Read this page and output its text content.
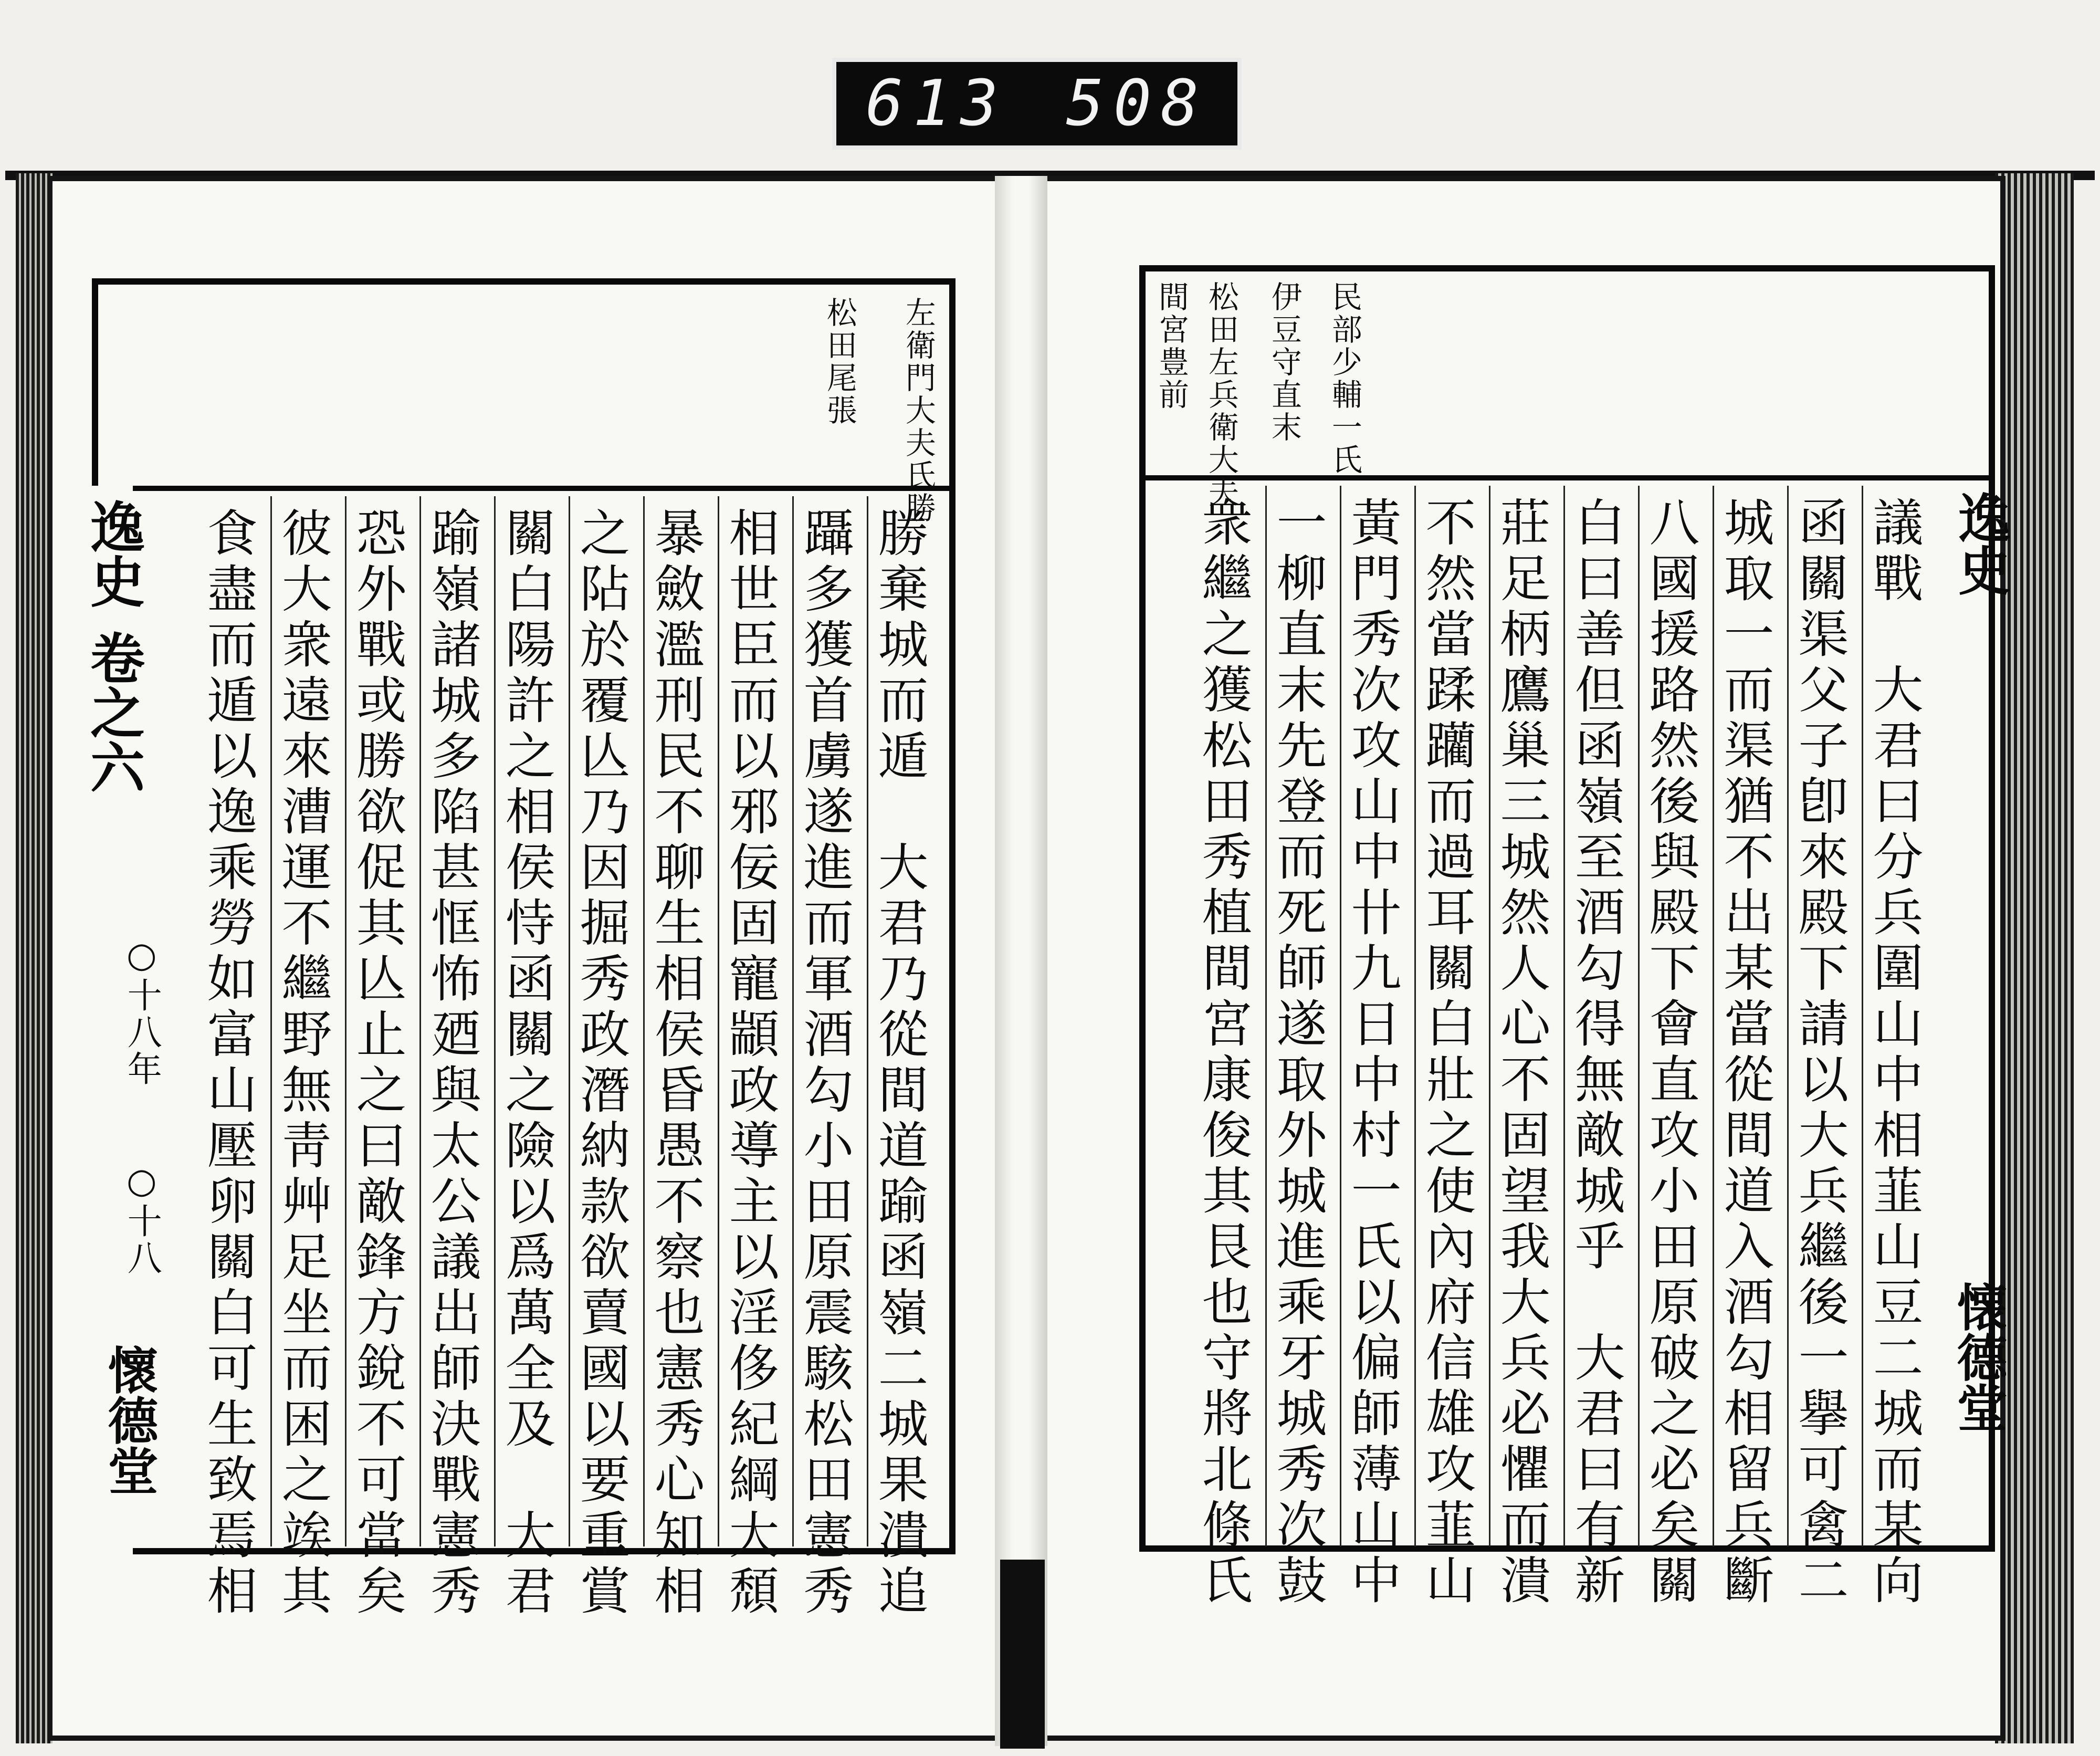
613 508
左衛門大夫氏勝
松田尾張
逸史
卷之六
○十八年
○十八
懷德堂	勝棄城而遁　大君乃從間道踰函嶺二城果潰追
躡多獲首虜遂進而軍酒勾小田原震駭松田憲秀
相世臣而以邪佞固寵顓政導主以淫侈紀綱大頹
暴斂濫刑民不聊生相侯昏愚不察也憲秀心知相
之阽於覆亾乃因掘秀政潛納款欲賣國以要重賞
關白陽許之相侯恃函關之險以爲萬全及　大君
踰嶺諸城多陷甚恇怖廼與太公議出師決戰憲秀
恐外戰或勝欲促其亾止之曰敵鋒方銳不可當矣
彼大衆遠來漕運不繼野無靑艸足坐而困之竢其
食盡而遁以逸乘勞如富山壓卵關白可生致焉相
民部少輔一氏
伊豆守直末
松田左兵衛大夫
間宮豊前
逸史
懐德堂
議戰　大君曰分兵圍山中相韮山豆二城而某向
函關渠父子卽來殿下請以大兵繼後一擧可禽二
城取一而渠猶不出某當從間道入酒勾相留兵斷
八國援路然後與殿下會直攻小田原破之必矣關
白曰善但函嶺至酒勾得無敵城乎　大君曰有新
莊足柄鷹巢三城然人心不固望我大兵必懼而潰
不然當蹂躪而過耳關白壯之使內府信雄攻韮山
黃門秀次攻山中卄九日中村一氏以偏師薄山中
一柳直末先登而死師遂取外城進乘牙城秀次鼓
衆繼之獲松田秀植間宮康俊其艮也守將北條氏
